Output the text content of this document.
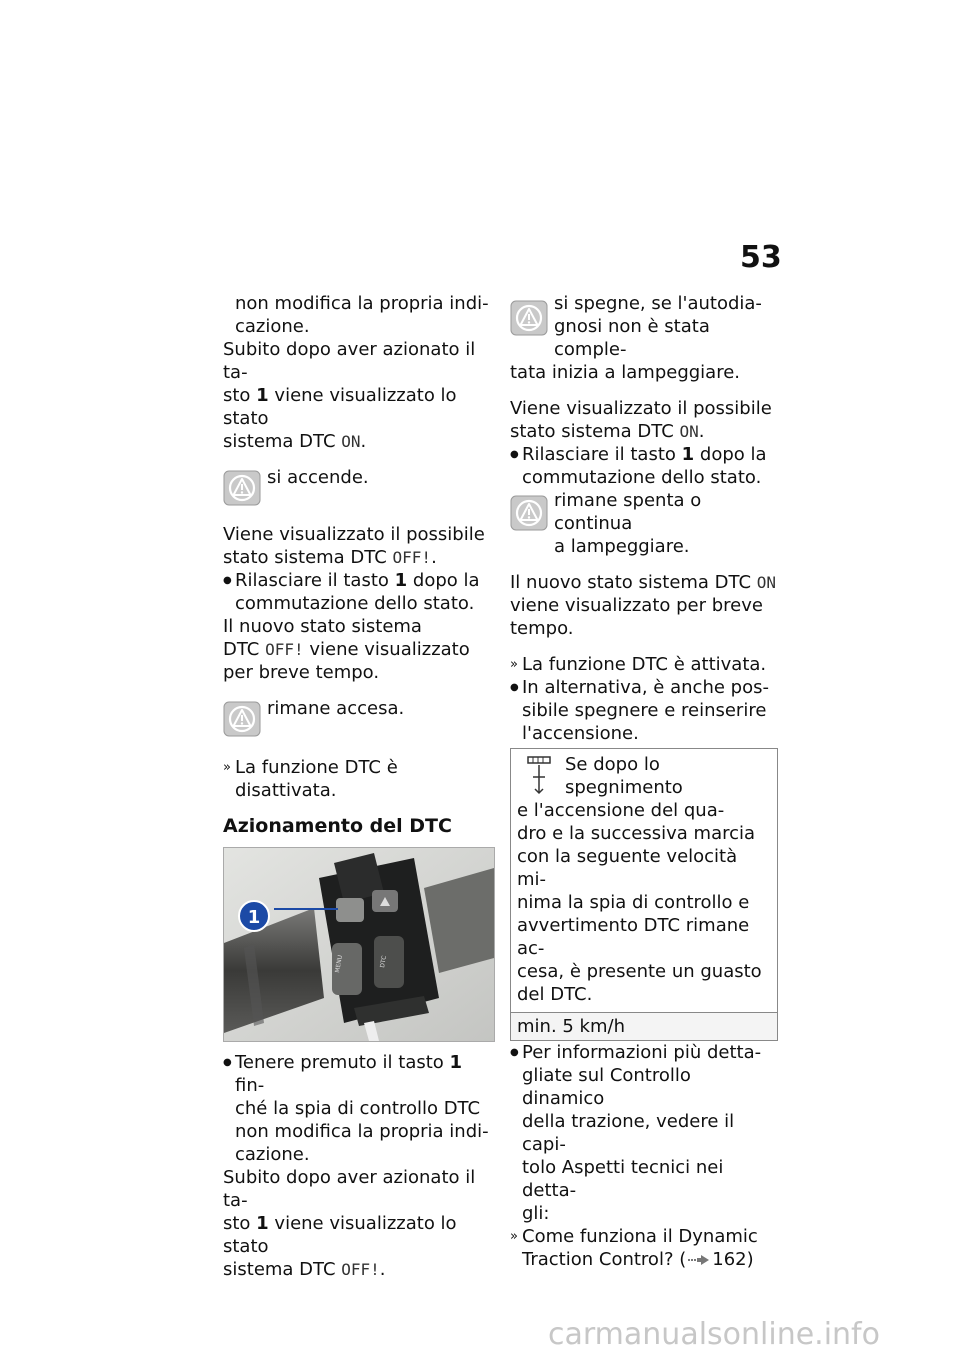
53

non modifica la propria indi-

cazione.

Subito dopo aver azionato il ta-

sto 1 viene visualizzato lo stato

sistema DTC ON.

si accende.

Viene visualizzato il possibile

stato sistema DTC OFF!.

● Rilasciare il tasto 1 dopo la

commutazione dello stato.

Il nuovo stato sistema

DTC OFF! viene visualizzato

per breve tempo.

rimane accesa.

» La funzione DTC è disattivata.

Azionamento del DTC

MENU	DTC
1

● Tenere premuto il tasto 1 fin-

ché la spia di controllo DTC

non modifica la propria indi-

cazione.

Subito dopo aver azionato il ta-

sto 1 viene visualizzato lo stato

sistema DTC OFF!.

si spegne, se l'autodia-

gnosi non è stata comple-

tata inizia a lampeggiare.

Viene visualizzato il possibile

stato sistema DTC ON.

● Rilasciare il tasto 1 dopo la

commutazione dello stato.

rimane spenta o continua

a lampeggiare.

Il nuovo stato sistema DTC ON

viene visualizzato per breve

tempo.

» La funzione DTC è attivata.

● In alternativa, è anche pos-

sibile spegnere e reinserire

l'accensione.

Se dopo lo spegnimento

e l'accensione del qua-

dro e la successiva marcia

con la seguente velocità mi-

nima la spia di controllo e

avvertimento DTC rimane ac-

cesa, è presente un guasto

del DTC.

min. 5 km/h

● Per informazioni più detta-

gliate sul Controllo dinamico

della trazione, vedere il capi-

tolo Aspetti tecnici nei detta-

gli:

» Come funziona il Dynamic

Traction Control? ( 162)

carmanualsonline.info
